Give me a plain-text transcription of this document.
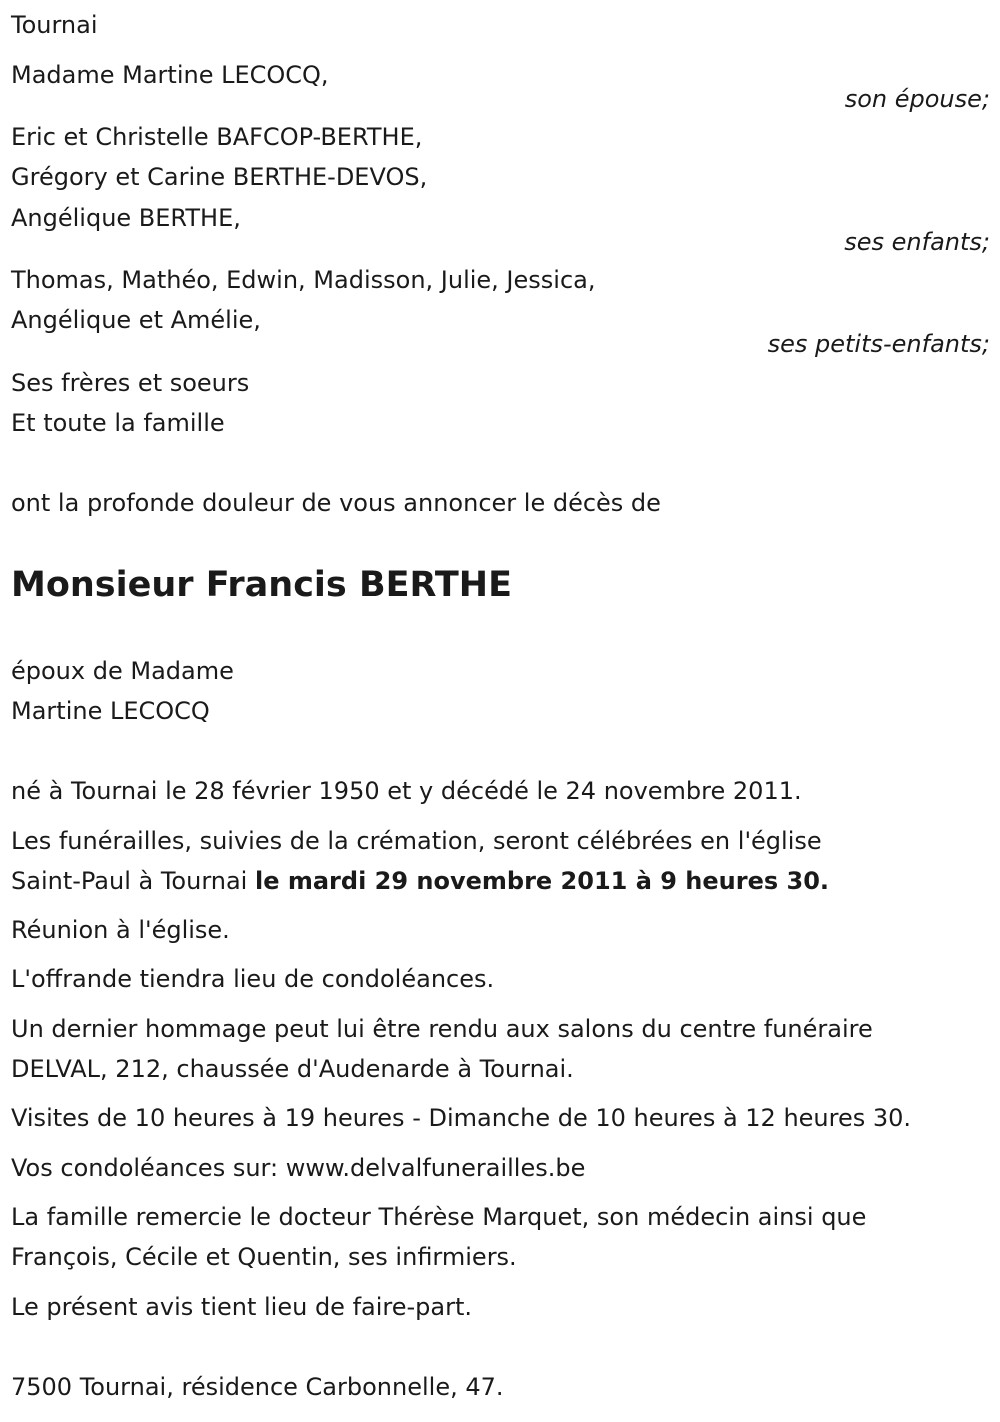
Tournai
Madame Martine LECOCQ,
son épouse;
Eric et Christelle BAFCOP-BERTHE,
Grégory et Carine BERTHE-DEVOS,
Angélique BERTHE,
ses enfants;
Thomas, Mathéo, Edwin, Madisson, Julie, Jessica,
Angélique et Amélie,
ses petits-enfants;
Ses frères et soeurs
Et toute la famille
ont la profonde douleur de vous annoncer le décès de
Monsieur Francis BERTHE
époux de Madame
Martine LECOCQ
né à Tournai le 28 février 1950 et y décédé le 24 novembre 2011.
Les funérailles, suivies de la crémation, seront célébrées en l'église
Saint-Paul à Tournai le mardi 29 novembre 2011 à 9 heures 30.
Réunion à l'église.
L'offrande tiendra lieu de condoléances.
Un dernier hommage peut lui être rendu aux salons du centre funéraire
DELVAL, 212, chaussée d'Audenarde à Tournai.
Visites de 10 heures à 19 heures - Dimanche de 10 heures à 12 heures 30.
Vos condoléances sur: www.delvalfunerailles.be
La famille remercie le docteur Thérèse Marquet, son médecin ainsi que
François, Cécile et Quentin, ses infirmiers.
Le présent avis tient lieu de faire-part.
7500 Tournai, résidence Carbonnelle, 47.
